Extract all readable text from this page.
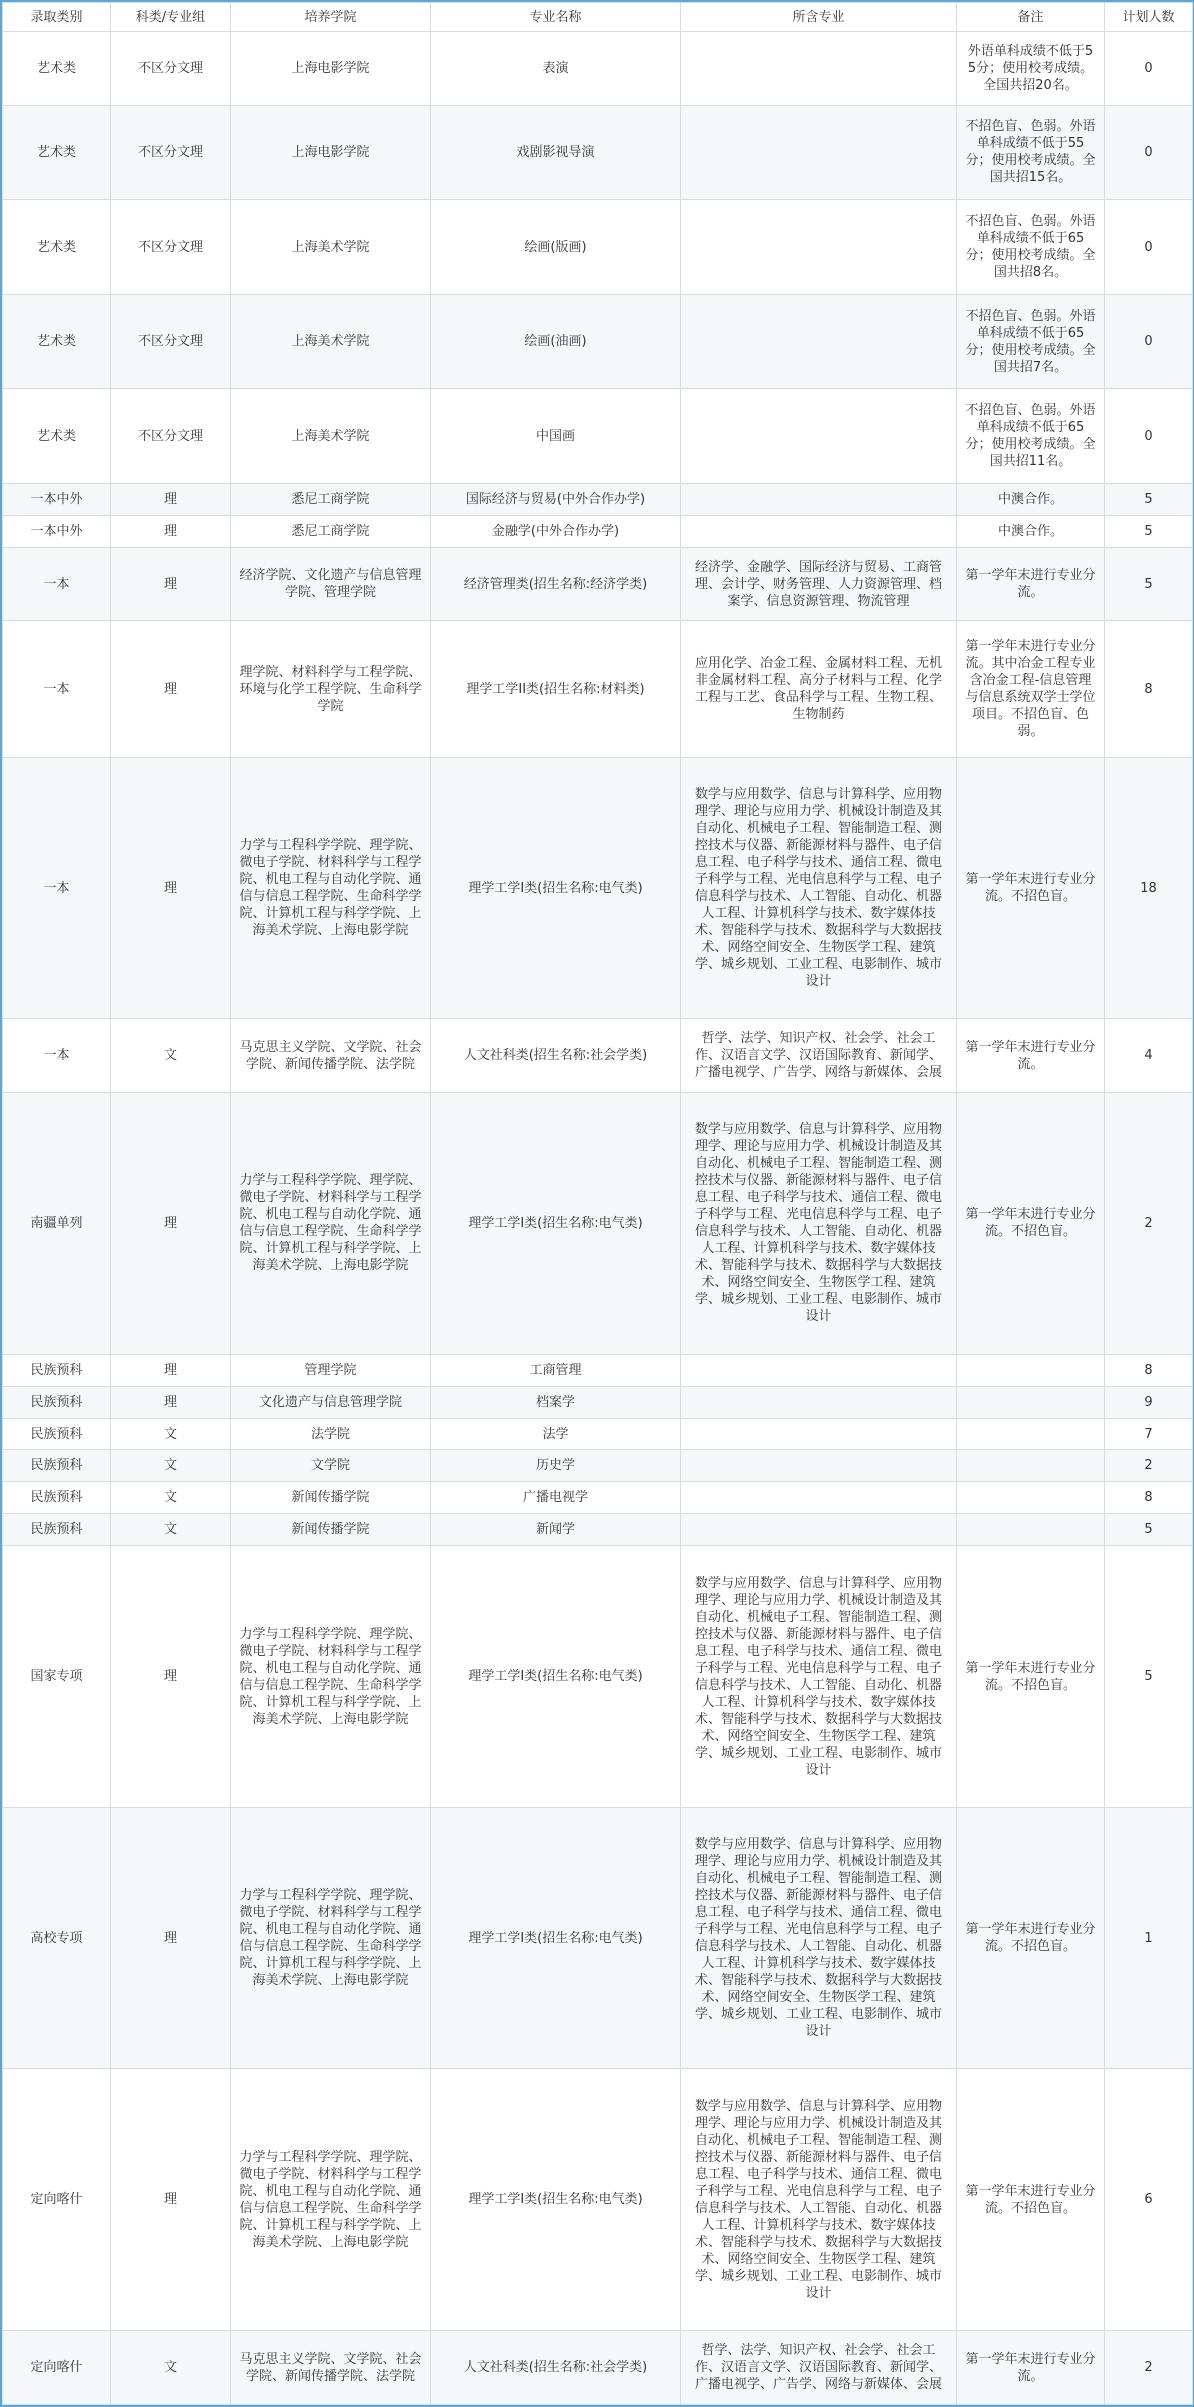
录取类别	科类/专业组	培养学院	专业名称	所含专业	备注	计划人数
艺术类	不区分文理	上海电影学院	表演		外语单科成绩不低于55分；使用校考成绩。全国共招20名。	0
艺术类	不区分文理	上海电影学院	戏剧影视导演		不招色盲、色弱。外语单科成绩不低于55分；使用校考成绩。全国共招15名。	0
艺术类	不区分文理	上海美术学院	绘画(版画)		不招色盲、色弱。外语单科成绩不低于65分；使用校考成绩。全国共招8名。	0
艺术类	不区分文理	上海美术学院	绘画(油画)		不招色盲、色弱。外语单科成绩不低于65分；使用校考成绩。全国共招7名。	0
艺术类	不区分文理	上海美术学院	中国画		不招色盲、色弱。外语单科成绩不低于65分；使用校考成绩。全国共招11名。	0
一本中外	理	悉尼工商学院	国际经济与贸易(中外合作办学)		中澳合作。	5
一本中外	理	悉尼工商学院	金融学(中外合作办学)		中澳合作。	5
一本	理	经济学院、文化遗产与信息管理学院、管理学院	经济管理类(招生名称:经济学类)	经济学、金融学、国际经济与贸易、工商管理、会计学、财务管理、人力资源管理、档案学、信息资源管理、物流管理	第一学年末进行专业分流。	5
一本	理	理学院、材料科学与工程学院、环境与化学工程学院、生命科学学院	理学工学II类(招生名称:材料类)	应用化学、冶金工程、金属材料工程、无机非金属材料工程、高分子材料与工程、化学工程与工艺、食品科学与工程、生物工程、生物制药	第一学年末进行专业分流。其中冶金工程专业含冶金工程-信息管理与信息系统双学士学位项目。不招色盲、色弱。	8
一本	理	力学与工程科学学院、理学院、微电子学院、材料科学与工程学院、机电工程与自动化学院、通信与信息工程学院、生命科学学院、计算机工程与科学学院、上海美术学院、上海电影学院	理学工学I类(招生名称:电气类)	数学与应用数学、信息与计算科学、应用物理学、理论与应用力学、机械设计制造及其自动化、机械电子工程、智能制造工程、测控技术与仪器、新能源材料与器件、电子信息工程、电子科学与技术、通信工程、微电子科学与工程、光电信息科学与工程、电子信息科学与技术、人工智能、自动化、机器人工程、计算机科学与技术、数字媒体技术、智能科学与技术、数据科学与大数据技术、网络空间安全、生物医学工程、建筑学、城乡规划、工业工程、电影制作、城市设计	第一学年末进行专业分流。不招色盲。	18
一本	文	马克思主义学院、文学院、社会学院、新闻传播学院、法学院	人文社科类(招生名称:社会学类)	哲学、法学、知识产权、社会学、社会工作、汉语言文学、汉语国际教育、新闻学、广播电视学、广告学、网络与新媒体、会展	第一学年末进行专业分流。	4
南疆单列	理	力学与工程科学学院、理学院、微电子学院、材料科学与工程学院、机电工程与自动化学院、通信与信息工程学院、生命科学学院、计算机工程与科学学院、上海美术学院、上海电影学院	理学工学I类(招生名称:电气类)	数学与应用数学、信息与计算科学、应用物理学、理论与应用力学、机械设计制造及其自动化、机械电子工程、智能制造工程、测控技术与仪器、新能源材料与器件、电子信息工程、电子科学与技术、通信工程、微电子科学与工程、光电信息科学与工程、电子信息科学与技术、人工智能、自动化、机器人工程、计算机科学与技术、数字媒体技术、智能科学与技术、数据科学与大数据技术、网络空间安全、生物医学工程、建筑学、城乡规划、工业工程、电影制作、城市设计	第一学年末进行专业分流。不招色盲。	2
民族预科	理	管理学院	工商管理			8
民族预科	理	文化遗产与信息管理学院	档案学			9
民族预科	文	法学院	法学			7
民族预科	文	文学院	历史学			2
民族预科	文	新闻传播学院	广播电视学			8
民族预科	文	新闻传播学院	新闻学			5
国家专项	理	力学与工程科学学院、理学院、微电子学院、材料科学与工程学院、机电工程与自动化学院、通信与信息工程学院、生命科学学院、计算机工程与科学学院、上海美术学院、上海电影学院	理学工学I类(招生名称:电气类)	数学与应用数学、信息与计算科学、应用物理学、理论与应用力学、机械设计制造及其自动化、机械电子工程、智能制造工程、测控技术与仪器、新能源材料与器件、电子信息工程、电子科学与技术、通信工程、微电子科学与工程、光电信息科学与工程、电子信息科学与技术、人工智能、自动化、机器人工程、计算机科学与技术、数字媒体技术、智能科学与技术、数据科学与大数据技术、网络空间安全、生物医学工程、建筑学、城乡规划、工业工程、电影制作、城市设计	第一学年末进行专业分流。不招色盲。	5
高校专项	理	力学与工程科学学院、理学院、微电子学院、材料科学与工程学院、机电工程与自动化学院、通信与信息工程学院、生命科学学院、计算机工程与科学学院、上海美术学院、上海电影学院	理学工学I类(招生名称:电气类)	数学与应用数学、信息与计算科学、应用物理学、理论与应用力学、机械设计制造及其自动化、机械电子工程、智能制造工程、测控技术与仪器、新能源材料与器件、电子信息工程、电子科学与技术、通信工程、微电子科学与工程、光电信息科学与工程、电子信息科学与技术、人工智能、自动化、机器人工程、计算机科学与技术、数字媒体技术、智能科学与技术、数据科学与大数据技术、网络空间安全、生物医学工程、建筑学、城乡规划、工业工程、电影制作、城市设计	第一学年末进行专业分流。不招色盲。	1
定向喀什	理	力学与工程科学学院、理学院、微电子学院、材料科学与工程学院、机电工程与自动化学院、通信与信息工程学院、生命科学学院、计算机工程与科学学院、上海美术学院、上海电影学院	理学工学I类(招生名称:电气类)	数学与应用数学、信息与计算科学、应用物理学、理论与应用力学、机械设计制造及其自动化、机械电子工程、智能制造工程、测控技术与仪器、新能源材料与器件、电子信息工程、电子科学与技术、通信工程、微电子科学与工程、光电信息科学与工程、电子信息科学与技术、人工智能、自动化、机器人工程、计算机科学与技术、数字媒体技术、智能科学与技术、数据科学与大数据技术、网络空间安全、生物医学工程、建筑学、城乡规划、工业工程、电影制作、城市设计	第一学年末进行专业分流。不招色盲。	6
定向喀什	文	马克思主义学院、文学院、社会学院、新闻传播学院、法学院	人文社科类(招生名称:社会学类)	哲学、法学、知识产权、社会学、社会工作、汉语言文学、汉语国际教育、新闻学、广播电视学、广告学、网络与新媒体、会展	第一学年末进行专业分流。	2
